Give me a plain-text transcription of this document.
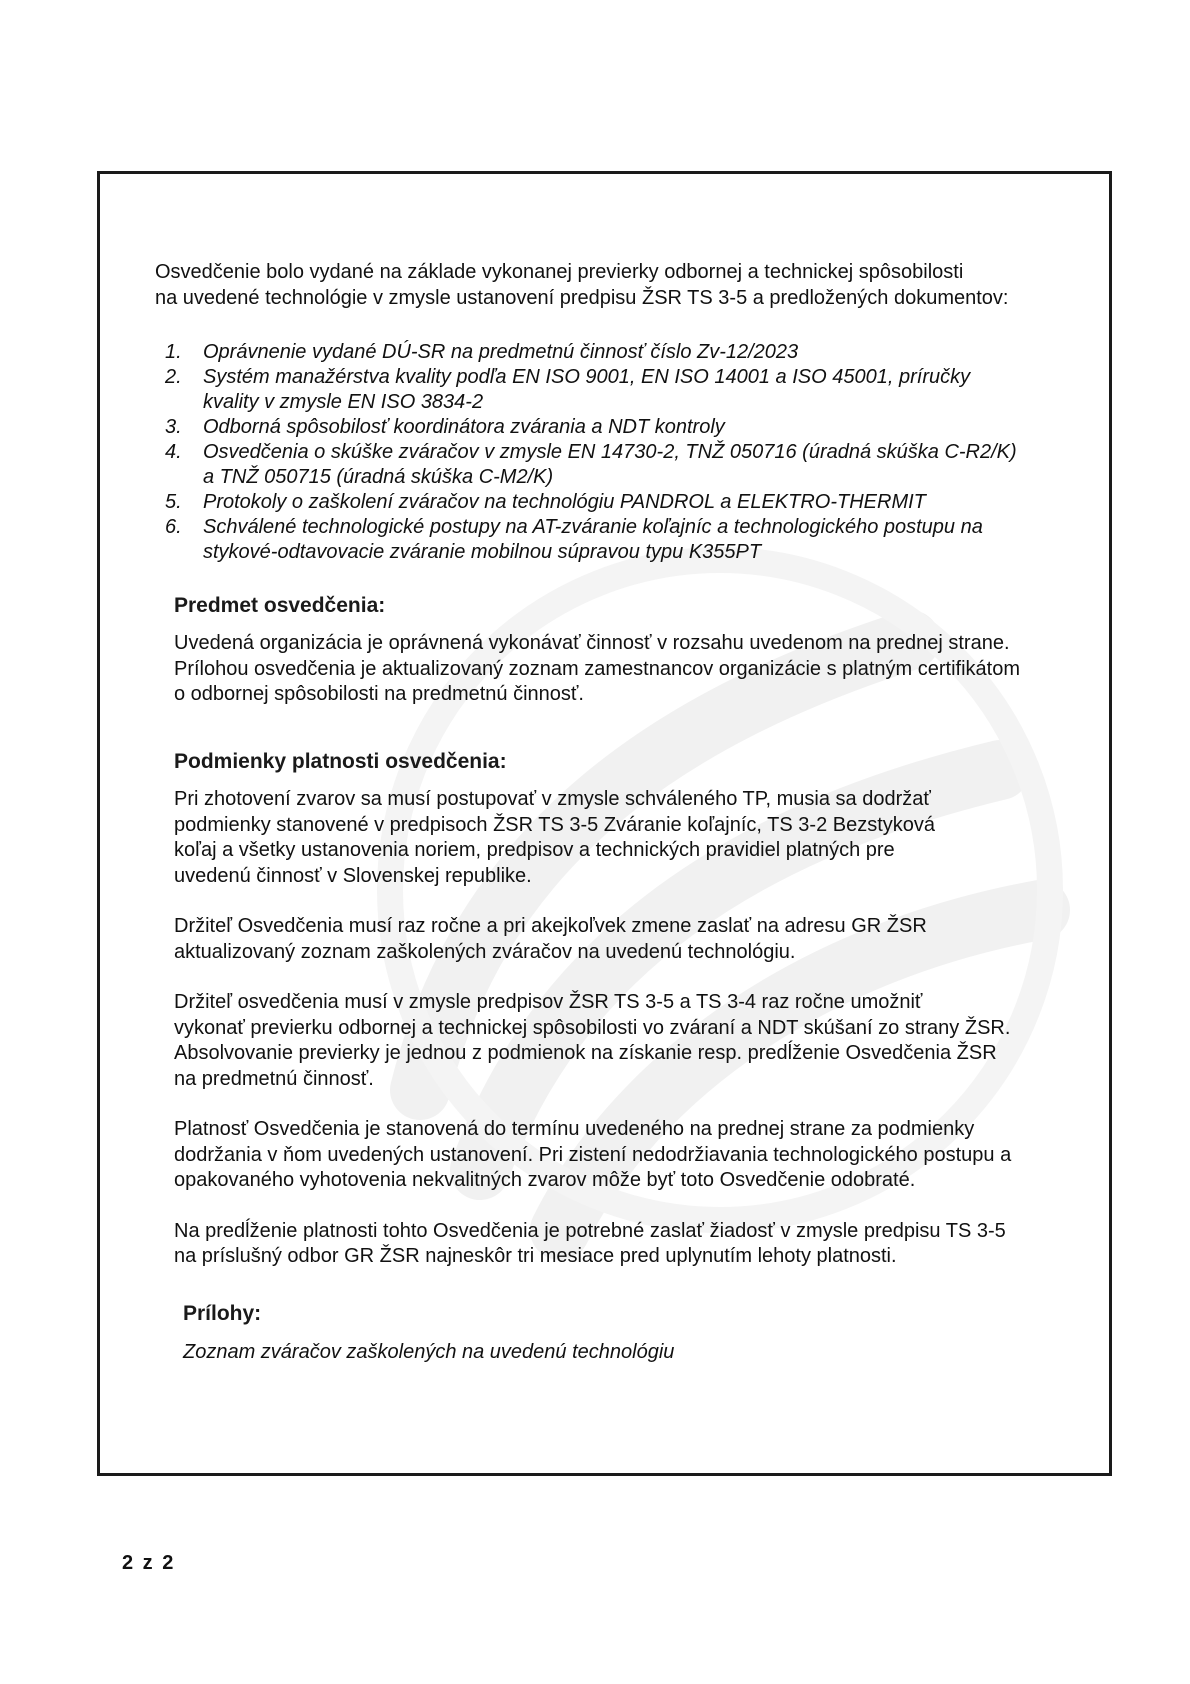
Osvedčenie bolo vydané na základe vykonanej previerky odbornej a technickej spôsobilosti
na uvedené technológie v zmysle ustanovení predpisu ŽSR TS 3-5 a predložených dokumentov:
1.	Oprávnenie vydané DÚ-SR na predmetnú činnosť číslo Zv-12/2023
2.	Systém manažérstva kvality podľa EN ISO 9001, EN ISO 14001 a ISO 45001, príručky
kvality v zmysle EN ISO 3834-2
3.	Odborná spôsobilosť koordinátora zvárania a NDT kontroly
4.	Osvedčenia o skúške zváračov v zmysle EN 14730-2, TNŽ 050716 (úradná skúška C-R2/K)
a TNŽ 050715 (úradná skúška C-M2/K)
5.	Protokoly o zaškolení zváračov na technológiu PANDROL a ELEKTRO-THERMIT
6.	Schválené technologické postupy na AT-zváranie koľajníc a technologického postupu na
stykové-odtavovacie zváranie mobilnou súpravou typu K355PT
Predmet osvedčenia:
Uvedená organizácia je oprávnená vykonávať činnosť v rozsahu uvedenom na prednej strane.
Prílohou osvedčenia je aktualizovaný zoznam zamestnancov organizácie s platným certifikátom
o odbornej spôsobilosti na predmetnú činnosť.
Podmienky platnosti osvedčenia:
Pri zhotovení zvarov sa musí postupovať v zmysle schváleného TP, musia sa dodržať
podmienky stanovené v predpisoch ŽSR TS 3-5 Zváranie koľajníc, TS 3-2 Bezstyková
koľaj a všetky ustanovenia noriem, predpisov a technických pravidiel platných pre
uvedenú činnosť v Slovenskej republike.
Držiteľ Osvedčenia musí raz ročne a pri akejkoľvek zmene zaslať na adresu GR ŽSR
aktualizovaný zoznam zaškolených zváračov na uvedenú technológiu.
Držiteľ osvedčenia musí v zmysle predpisov ŽSR TS 3-5 a TS 3-4 raz ročne umožniť
vykonať previerku odbornej a technickej spôsobilosti vo zváraní a NDT skúšaní zo strany ŽSR.
Absolvovanie previerky je jednou z podmienok na získanie resp. predĺženie Osvedčenia ŽSR
na predmetnú činnosť.
Platnosť Osvedčenia je stanovená do termínu uvedeného na prednej strane za podmienky
dodržania v ňom uvedených ustanovení. Pri zistení nedodržiavania technologického postupu a
opakovaného vyhotovenia nekvalitných zvarov môže byť toto Osvedčenie odobraté.
Na predĺženie platnosti tohto Osvedčenia je potrebné zaslať žiadosť v zmysle predpisu TS 3-5
na príslušný odbor GR ŽSR najneskôr tri mesiace pred uplynutím lehoty platnosti.
Prílohy:
Zoznam zváračov zaškolených na uvedenú technológiu
2 z 2
